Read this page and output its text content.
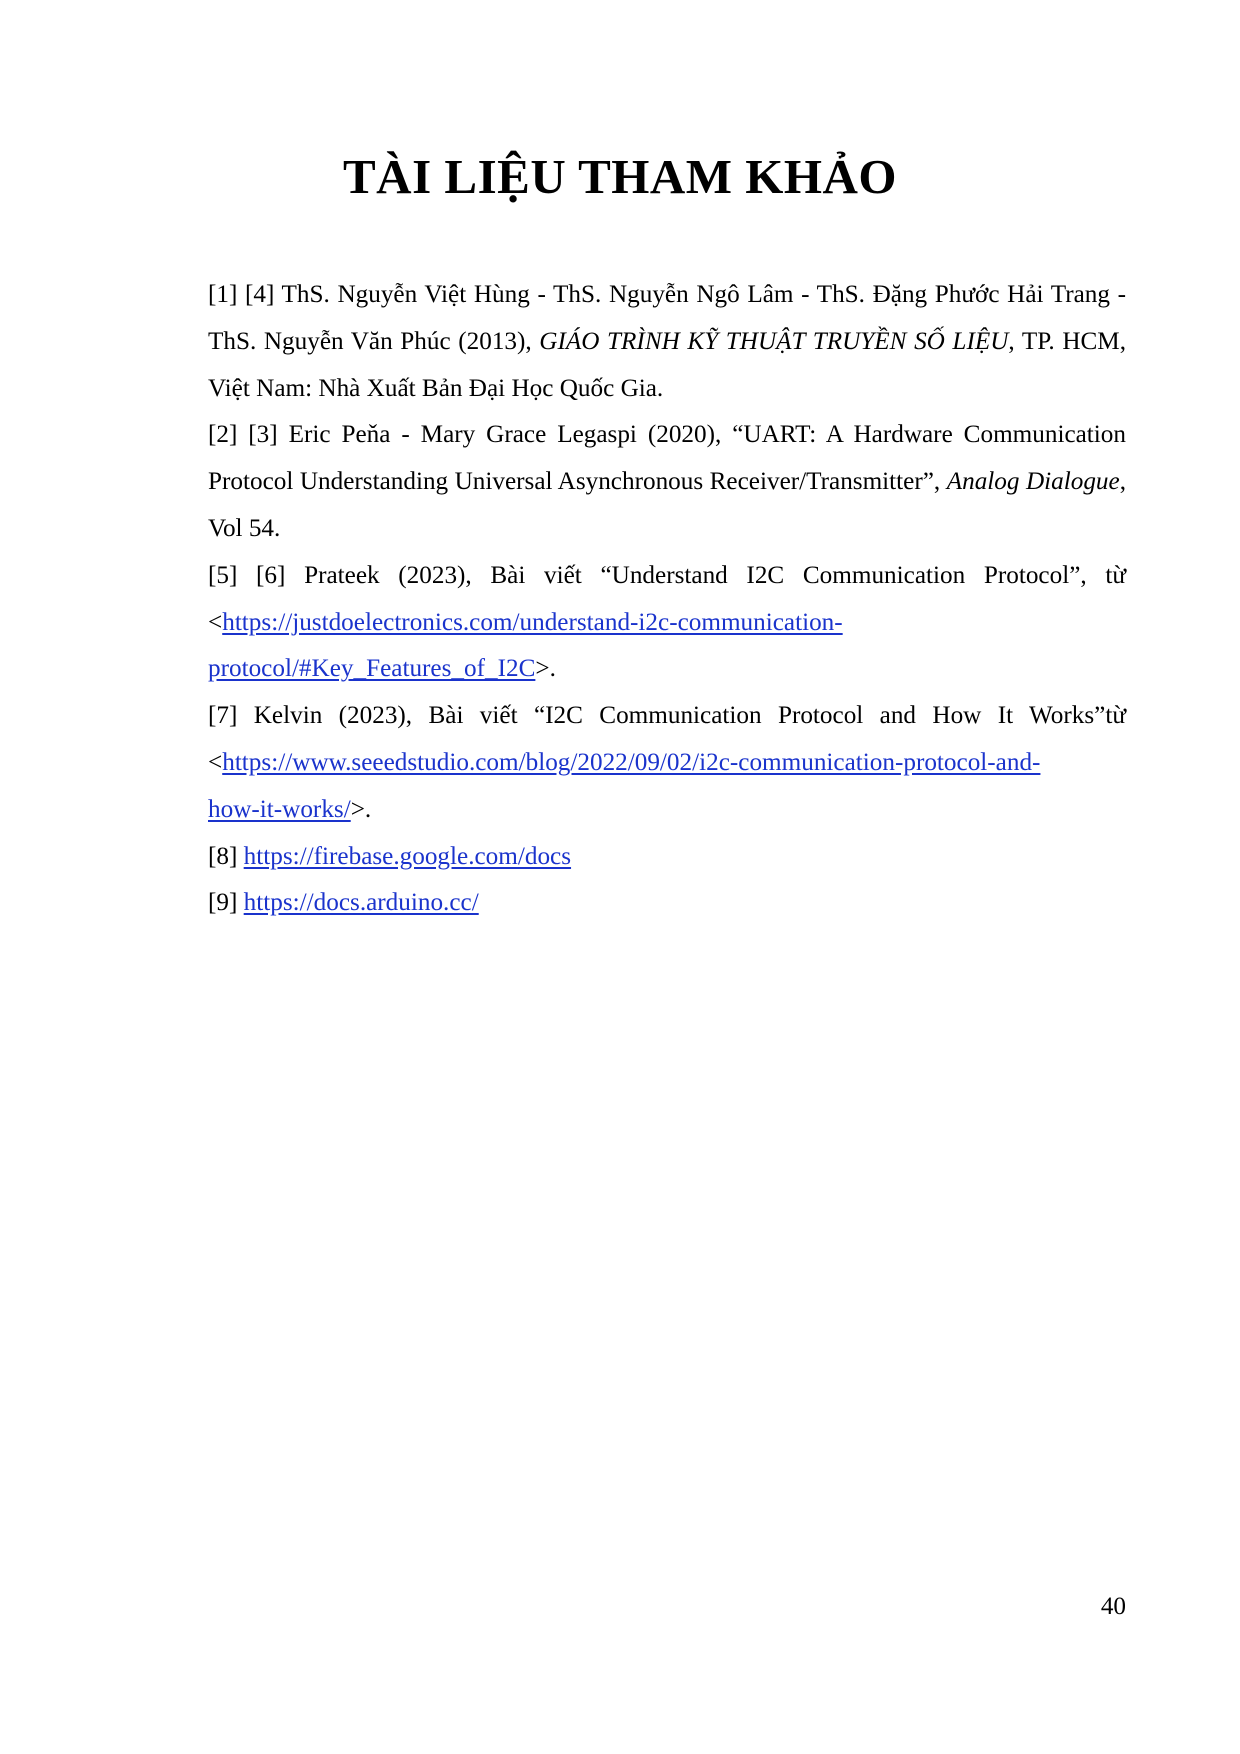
TÀI LIỆU THAM KHẢO

[1] [4] ThS. Nguyễn Việt Hùng - ThS. Nguyễn Ngô Lâm - ThS. Đặng Phước Hải Trang - ThS. Nguyễn Văn Phúc (2013), GIÁO TRÌNH KỸ THUẬT TRUYỀN SỐ LIỆU, TP. HCM, Việt Nam: Nhà Xuất Bản Đại Học Quốc Gia.

[2] [3] Eric Peňa - Mary Grace Legaspi (2020), “UART: A Hardware Communication Protocol Understanding Universal Asynchronous Receiver/Transmitter”, Analog Dialogue, Vol 54.

[5] [6] Prateek (2023), Bài viết “Understand I2C Communication Protocol”, từ <https://justdoelectronics.com/understand-i2c-communication-
protocol/#Key_Features_of_I2C>.

[7] Kelvin (2023), Bài viết “I2C Communication Protocol and How It Works”từ <https://www.seeedstudio.com/blog/2022/09/02/i2c-communication-protocol-and-
how-it-works/>.

[8] https://firebase.google.com/docs

[9] https://docs.arduino.cc/

40
